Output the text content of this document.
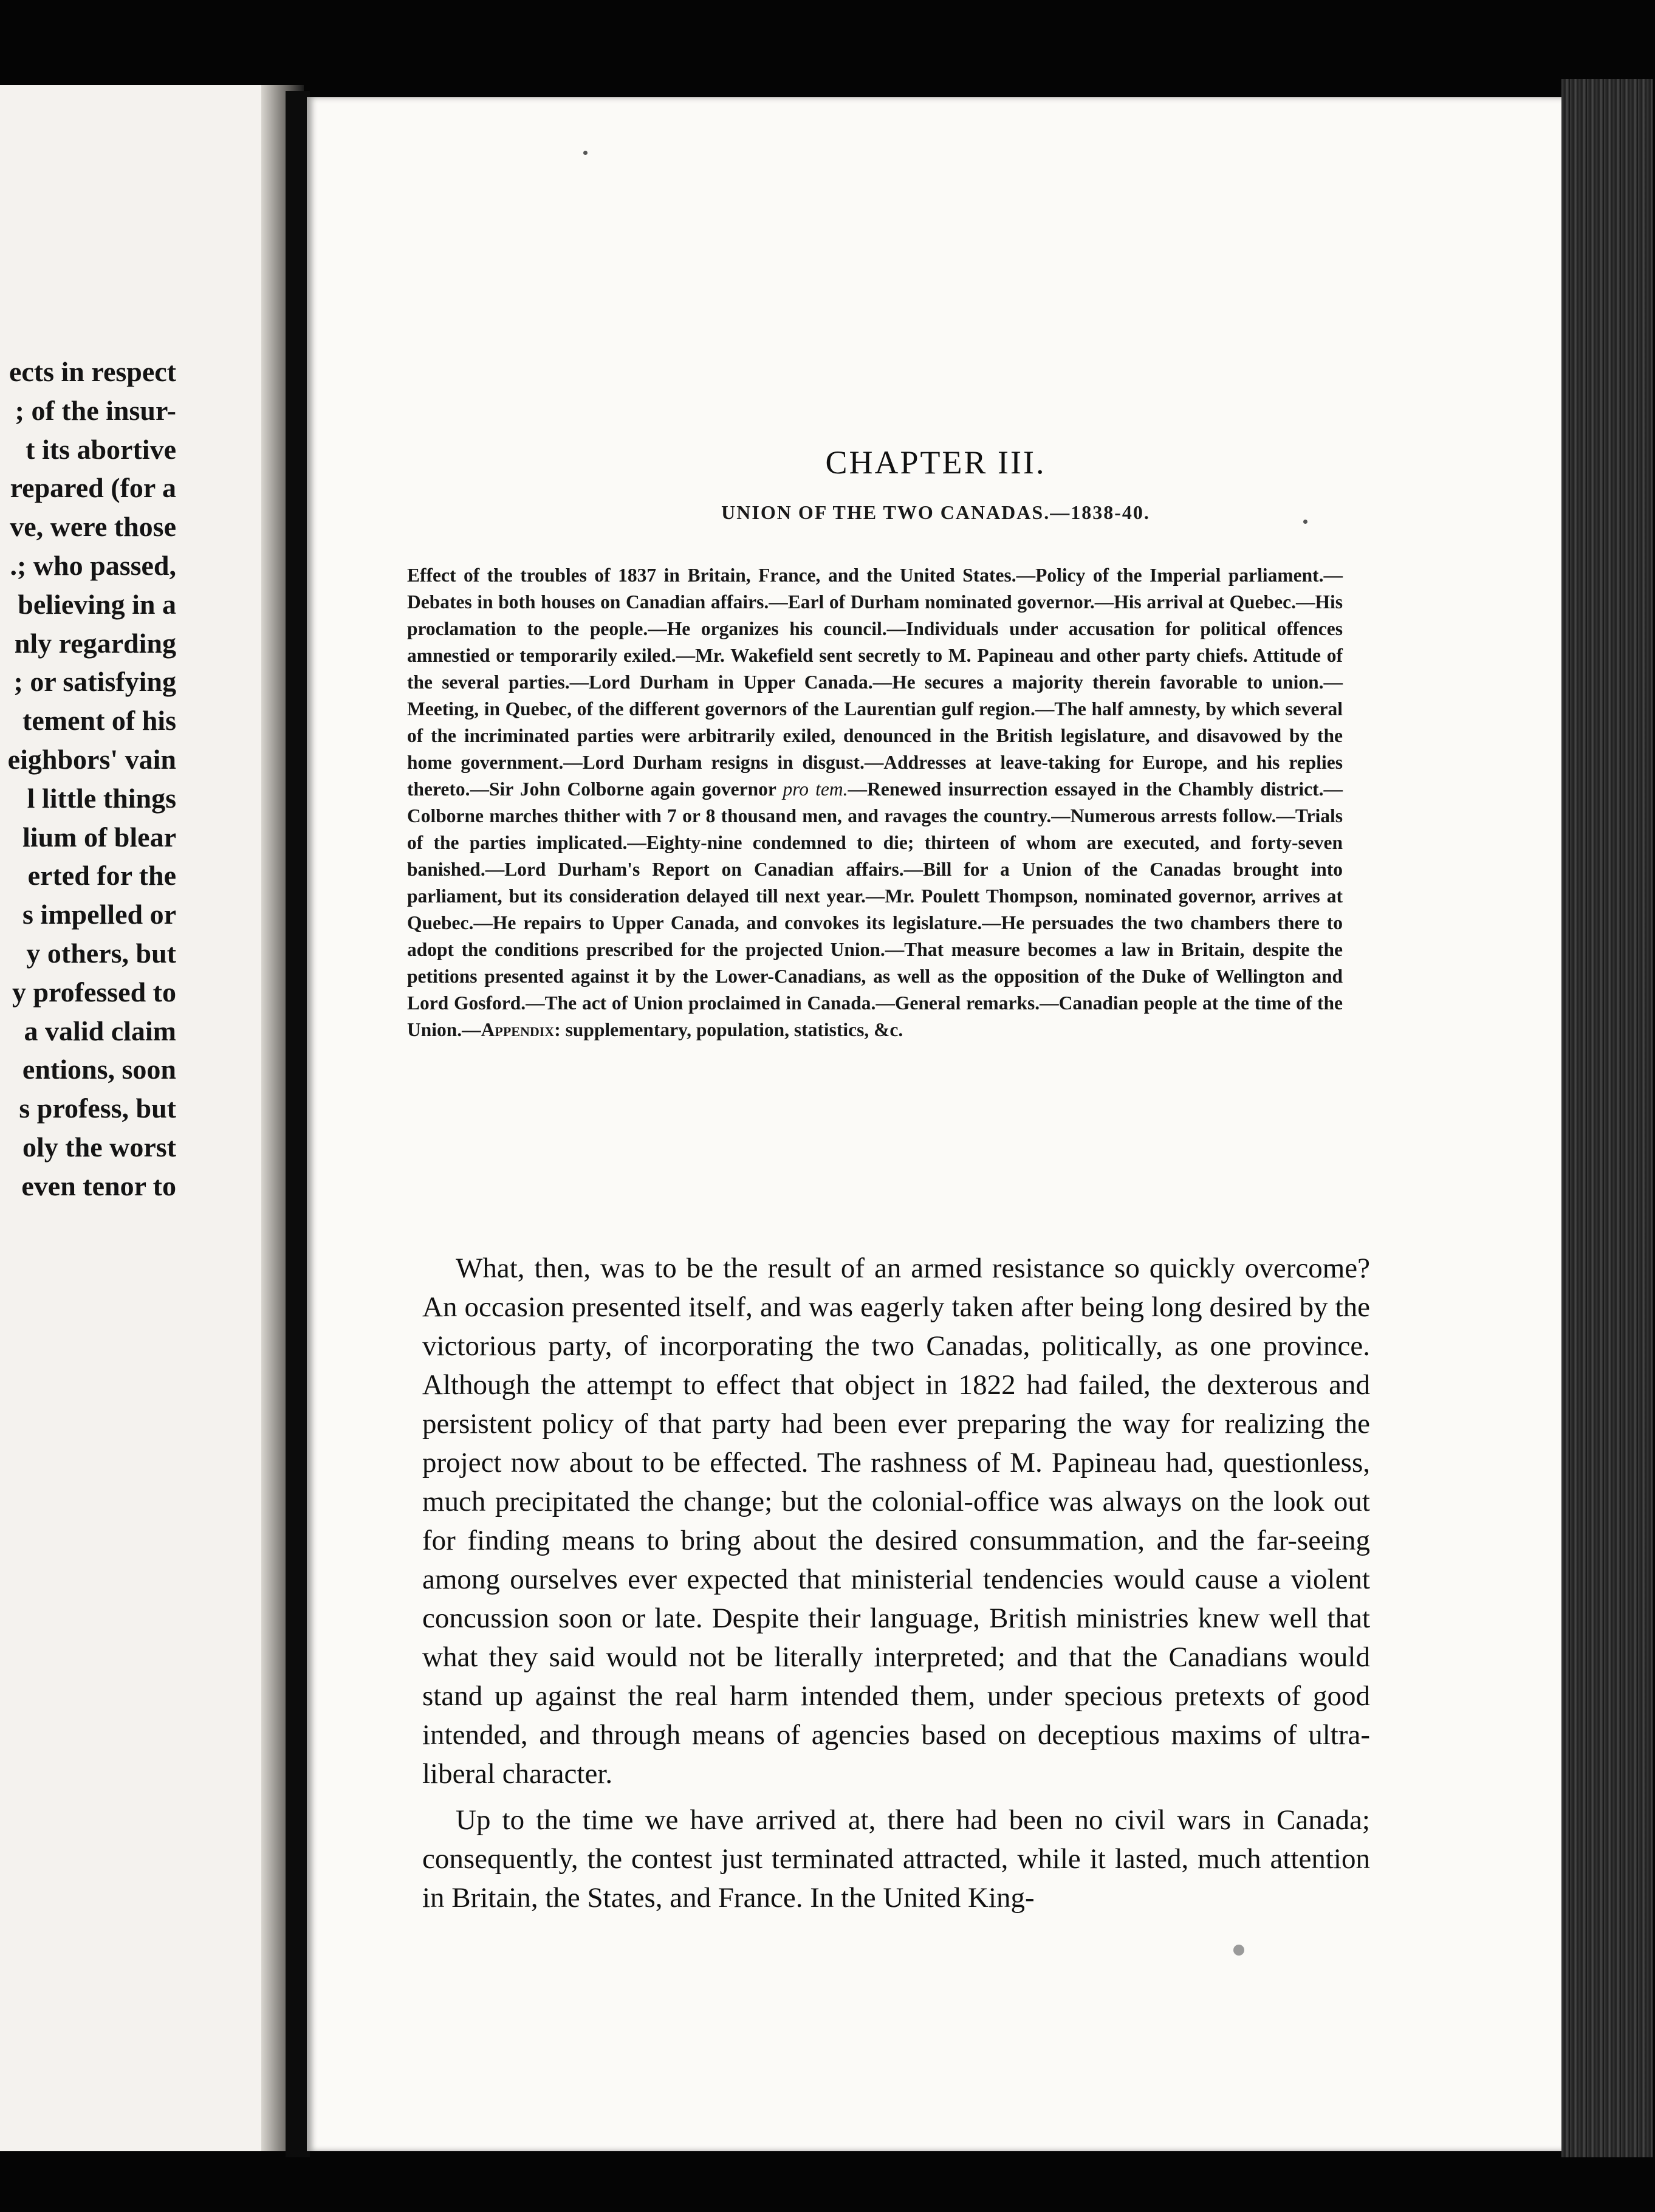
ects in respect
; of the insur-
t its abortive
repared (for a
ve, were those
.; who passed,
believing in a
nly regarding
; or satisfying
tement of his
eighbors' vain
l little things
lium of blear
erted for the
s impelled or
y others, but
y professed to
a valid claim
entions, soon
s profess, but
oly the worst
even tenor to
CHAPTER III.
UNION OF THE TWO CANADAS.—1838-40.
Effect of the troubles of 1837 in Britain, France, and the United States.—Policy of the Imperial parliament.—Debates in both houses on Canadian affairs.—Earl of Durham nominated governor.—His arrival at Quebec.—His proclamation to the people.—He organizes his council.—Individuals under accusation for political offences amnestied or temporarily exiled.—Mr. Wakefield sent secretly to M. Papineau and other party chiefs. Attitude of the several parties.—Lord Durham in Upper Canada.—He secures a majority therein favorable to union.—Meeting, in Quebec, of the different governors of the Laurentian gulf region.—The half amnesty, by which several of the incriminated parties were arbitrarily exiled, denounced in the British legislature, and disavowed by the home government.—Lord Durham resigns in disgust.—Addresses at leave-taking for Europe, and his replies thereto.—Sir John Colborne again governor pro tem.—Renewed insurrection essayed in the Chambly district.—Colborne marches thither with 7 or 8 thousand men, and ravages the country.—Numerous arrests follow.—Trials of the parties implicated.—Eighty-nine condemned to die; thirteen of whom are executed, and forty-seven banished.—Lord Durham's Report on Canadian affairs.—Bill for a Union of the Canadas brought into parliament, but its consideration delayed till next year.—Mr. Poulett Thompson, nominated governor, arrives at Quebec.—He repairs to Upper Canada, and convokes its legislature.—He persuades the two chambers there to adopt the conditions prescribed for the projected Union.—That measure becomes a law in Britain, despite the petitions presented against it by the Lower-Canadians, as well as the opposition of the Duke of Wellington and Lord Gosford.—The act of Union proclaimed in Canada.—General remarks.—Canadian people at the time of the Union.—Appendix: supplementary, population, statistics, &c.

What, then, was to be the result of an armed resistance so quickly overcome? An occasion presented itself, and was eagerly taken after being long desired by the victorious party, of incorporating the two Canadas, politically, as one province. Although the attempt to effect that object in 1822 had failed, the dexterous and persistent policy of that party had been ever preparing the way for realizing the project now about to be effected. The rashness of M. Papineau had, questionless, much precipitated the change; but the colonial-office was always on the look out for finding means to bring about the desired consummation, and the far-seeing among ourselves ever expected that ministerial tendencies would cause a violent concussion soon or late. Despite their language, British ministries knew well that what they said would not be literally interpreted; and that the Canadians would stand up against the real harm intended them, under specious pretexts of good intended, and through means of agencies based on deceptious maxims of ultra-liberal character.

Up to the time we have arrived at, there had been no civil wars in Canada; consequently, the contest just terminated attracted, while it lasted, much attention in Britain, the States, and France. In the United King-
